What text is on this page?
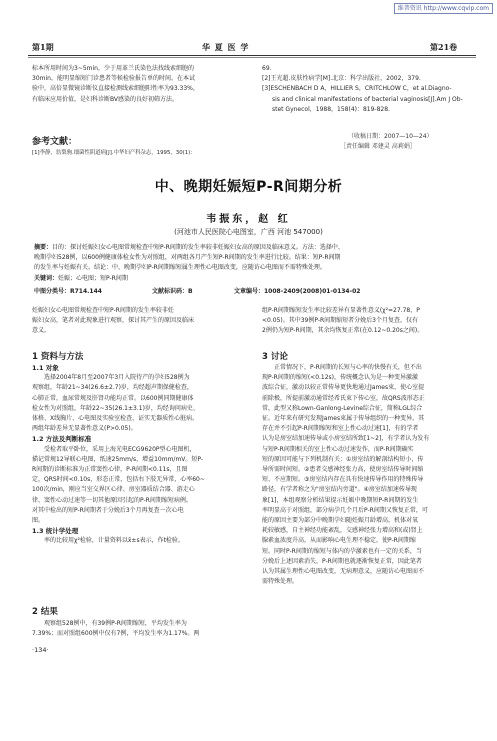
维普资讯 http://www.cqvip.com
第1期	华 夏 医 学	第21卷
标本所用时间为3~5min，少于用革兰氏染色法找线索细胞的
30min，能明显缩短门诊患者等候检验报告单的时间。在本试
验中，高倍显微镜诊断仪直接检测线索细胞阳性率为93.33%，
有临床应用价值，是妇科诊断BV感染的良好初筛方法。
参考文献：
[1]李静，翁梨驹.细菌性阴道病[J].中华妇产科杂志，1995，30(1)：
69.
[2]王光超.皮肤性病学[M].北京：科学出版社，2002，379.
[3]ESCHENBACH D A，HILLIER S，CRITCHLOW C，et al.Diagno-
sis and clinical manifestations of bacterial vaginosis[J].Am J Ob-
stet Gynecol，1988，158(4)：819-828.
（收稿日期：2007—10—24）
［责任编辑 邓建灵 高莉娟］
中、晚期妊娠短P-R间期分析
韦振东，赵 红
(河池市人民医院心电图室，广西 河池 547000)
摘要：目的：探讨妊娠妇女心电图常规检查中短P-R间期的发生率较非妊娠妇女高的原因及临床意义。方法：选择中、
晚期孕妇528例，以600例健康体检女性为对照组，对两组各月产生短P-R间期的发生率进行比较。结果：短P-R间期
的发生率与妊娠有关。结论：中、晚期孕妇P-R间期缩短属生理性心电图改变，应随访心电图而不需特殊处理。
关键词：妊娠；心电图；短P-R间期
中图分类号：R714.144	文献标识码：B	文章编号：1008-2409(2008)01-0134-02
妊娠妇女心电图常规检查中短P-R间期的发生率较非妊
娠妇女高，笔者对此现象进行观察，探讨其产生的原因及临床
意义。
组P-R间期缩短发生率比较差异有显著性意义(χ²=27.78，P
<0.05)。其中39例P-R间期缩短者分娩后3个月复查，仅有
2例仍为短P-R间期，其余均恢复正常(在0.12~0.20s之间)。
1 资料与方法
1.1 对象
选择2004年8月至2007年3月入院待产的孕妇528例为
观察组，年龄21~34(26.6±2.7)岁，均经超声期保健检查，
心肺正常，血尿常规及肝肾功能均正常。以600例同期健康体
检女性为对照组，年龄22~35(26.1±3.1)岁，均经询问病史、
体格、X线胸片、心电图及实验室检查，证实无器质性心脏病。
两组年龄差异无显著性意义(P>0.05)。
1.2 方法及判断标准
受检者取平卧位，采用上海光电ECG9620P型心电图机，
描记常规12导联心电图，纸速25mm/s，增益10mm/mV。短P-
R间期的诊断标准为正常窦性心律，P-R间期<0.11s，且图
定，QRS时间<0.10s，形态正常，包括右下肢无异常，心率60~
100次/min，刚应当室交界区心律、房室器质结合器、游走心
律、窦性心动过速等一切其他原因引起的P-R间期缩短病例。
对其中检出的短P-R间期者于分娩后3个月再复查一次心电
图。
1.3 统计学处理
率的比较用χ²检验，计量资料以x̄±s表示，作t检验。
2 结果
观察组528例中，有39例P-R间期缩短，平均发生率为
7.39%；而对照组600例中仅有7例，平均发生率为1.17%。两
·134·
3 讨论
正常情况下，P-R间期的长短与心率的快慢有关，但不出
现P-R间期的缩短(<0.12s)，传统概念认为是一种变异激激
波综合征，激动以较正常传导更快地通过James束，使心室提
前除极，所提前激动通常经希氏束下传心室，故QRS波形态正
常，此型又称Lown-Ganlong-Levine综合征，简称LGL综合
征。近年来有研究发现James束属于传导组织的一种变异，其
存在并不引起P-R间期缩短和室上性心动过速[1]，有的学者
认为是房室结加速传导或小房室结所致[1~2]，有学者认为发有
与短P-R间期相关的室上性心动过速发作，而P-R间期确实
短的原因可能与下列机制有关：①房室结的解剖结构短小，传
导所需时间短。②患者交感神经张力高，使房室结传导时间缩
短、不应期短。③房室结内存在具有快速传导作用的特殊传导
路径，有学者称之为"房室结内旁道"。④房室结加速传导现
象[1]，本组观察分析结果提示妊娠中晚期短P-R间期的发生
率明显高于对照组，部分病孕几个月后P-R间期又恢复正常，可
能的原因主要为部分中晚期孕妇随妊娠月龄增高，机体对氧
耗较敏感，自主神经功能紊乱，交感神经张力增高和(或)肾上
腺素血浓度升高，从而影响心电生理不稳定，使P-R间期缩
短。同时P-R间期的缩短与体内的孕激素也有一定的关系，当
分娩后上述因素消失，P-R间期也就逐渐恢复正常，因此笔者
认为其属生理性心电图改变，无病理意义，应随访心电图而不
需特殊处理。
